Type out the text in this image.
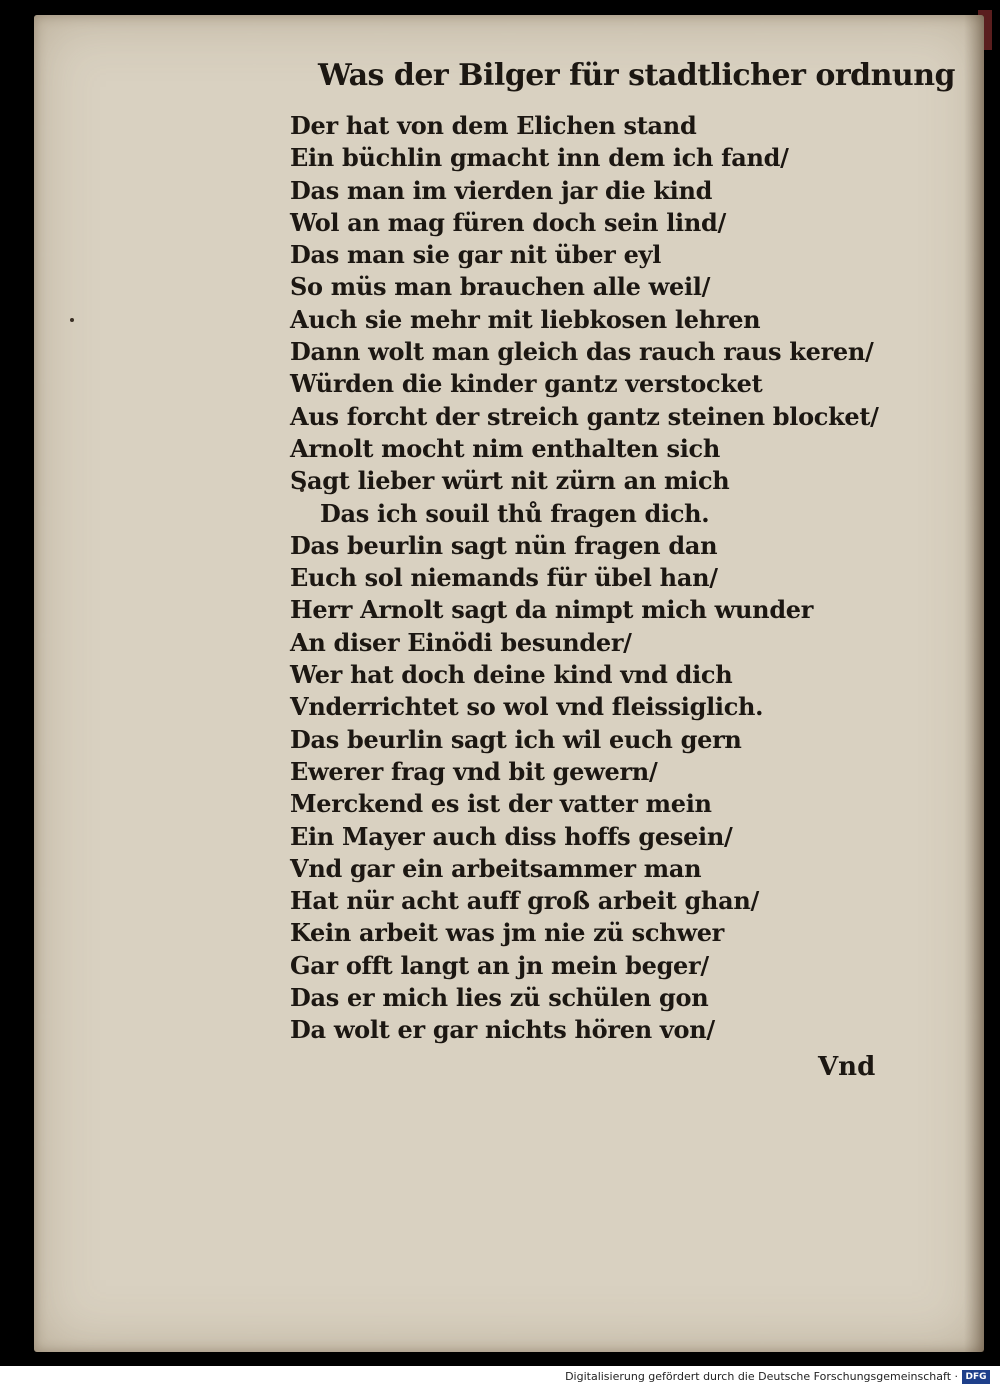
Was der Bilger für stadtlicher ordnung
Der hat von dem Elichen stand
Ein büchlin gmacht inn dem ich fand/
Das man im vierden jar die kind
Wol an mag füren doch sein lind/
Das man sie gar nit über eyl
So müs man brauchen alle weil/
Auch sie mehr mit liebkosen lehren
Dann wolt man gleich das rauch raus keren/
Würden die kinder gantz verstocket
Aus forcht der streich gantz steinen blocket/
Arnolt mocht nim enthalten sich
Sagt lieber würt nit zürn an mich
Das ich souil thů fragen dich.
Das beurlin sagt nün fragen dan
Euch sol niemands für übel han/
Herr Arnolt sagt da nimpt mich wunder
An diser Einödi besunder/
Wer hat doch deine kind vnd dich
Vnderrichtet so wol vnd fleissiglich.
Das beurlin sagt ich wil euch gern
Ewerer frag vnd bit gewern/
Merckend es ist der vatter mein
Ein Mayer auch diss hoffs gesein/
Vnd gar ein arbeitsammer man
Hat nür acht auff groß arbeit ghan/
Kein arbeit was jm nie zü schwer
Gar offt langt an jn mein beger/
Das er mich lies zü schülen gon
Da wolt er gar nichts hören von/
Vnd
Digitalisierung gefördert durch die Deutsche Forschungsgemeinschaft · DFG
